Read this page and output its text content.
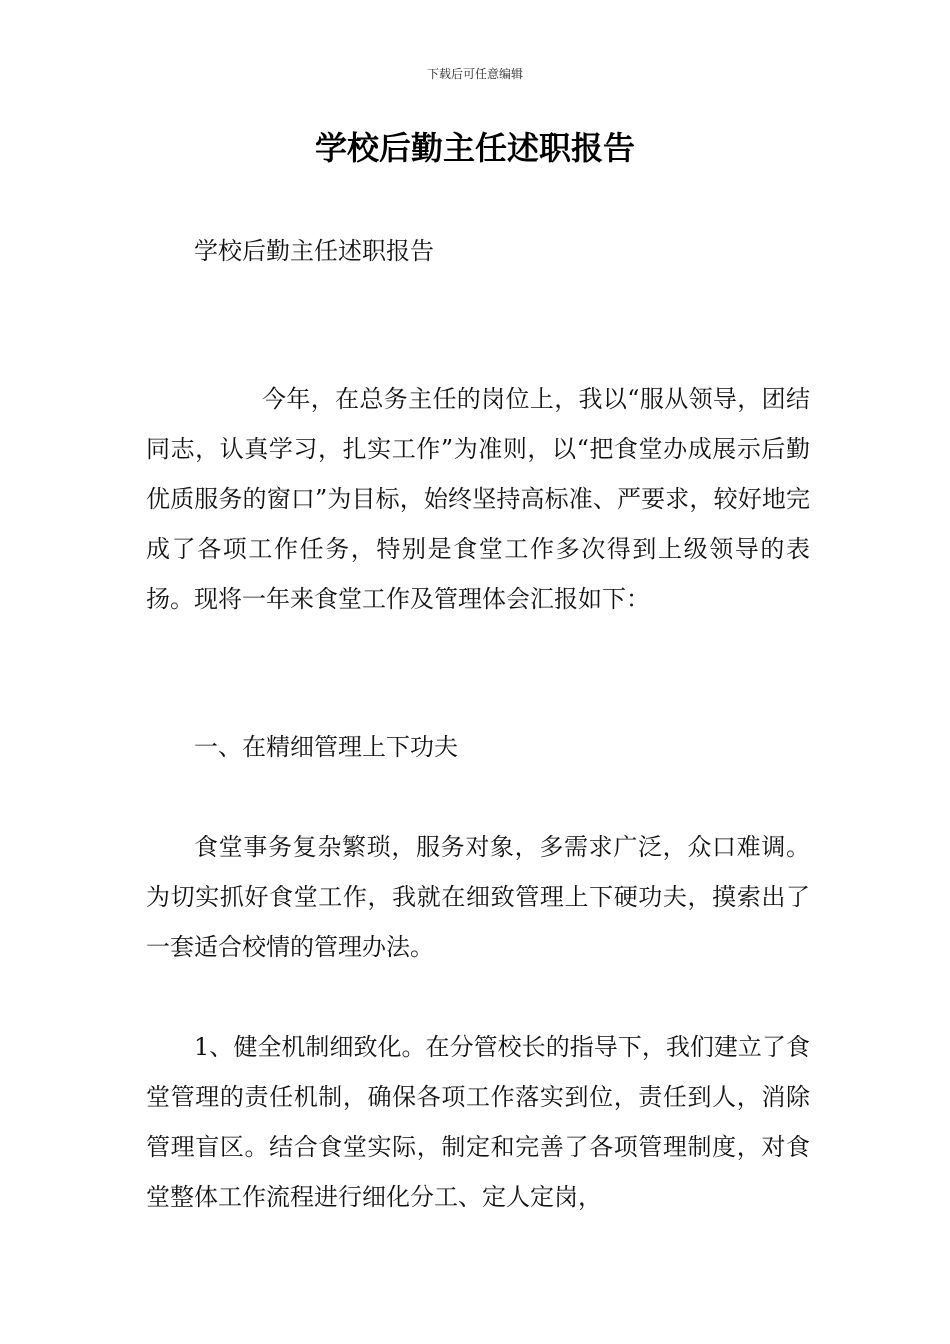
下载后可任意编辑
学校后勤主任述职报告

学校后勤主任述职报告

今年，在总务主任的岗位上，我以“服从领导，团结同志，认真学习，扎实工作”为准则，以“把食堂办成展示后勤优质服务的窗口”为目标，始终坚持高标准、严要求，较好地完成了各项工作任务，特别是食堂工作多次得到上级领导的表扬。现将一年来食堂工作及管理体会汇报如下：

一、在精细管理上下功夫

食堂事务复杂繁琐，服务对象，多需求广泛，众口难调。为切实抓好食堂工作，我就在细致管理上下硬功夫，摸索出了一套适合校情的管理办法。

1、健全机制细致化。在分管校长的指导下，我们建立了食堂管理的责任机制，确保各项工作落实到位，责任到人，消除管理盲区。结合食堂实际，制定和完善了各项管理制度，对食堂整体工作流程进行细化分工、定人定岗，
